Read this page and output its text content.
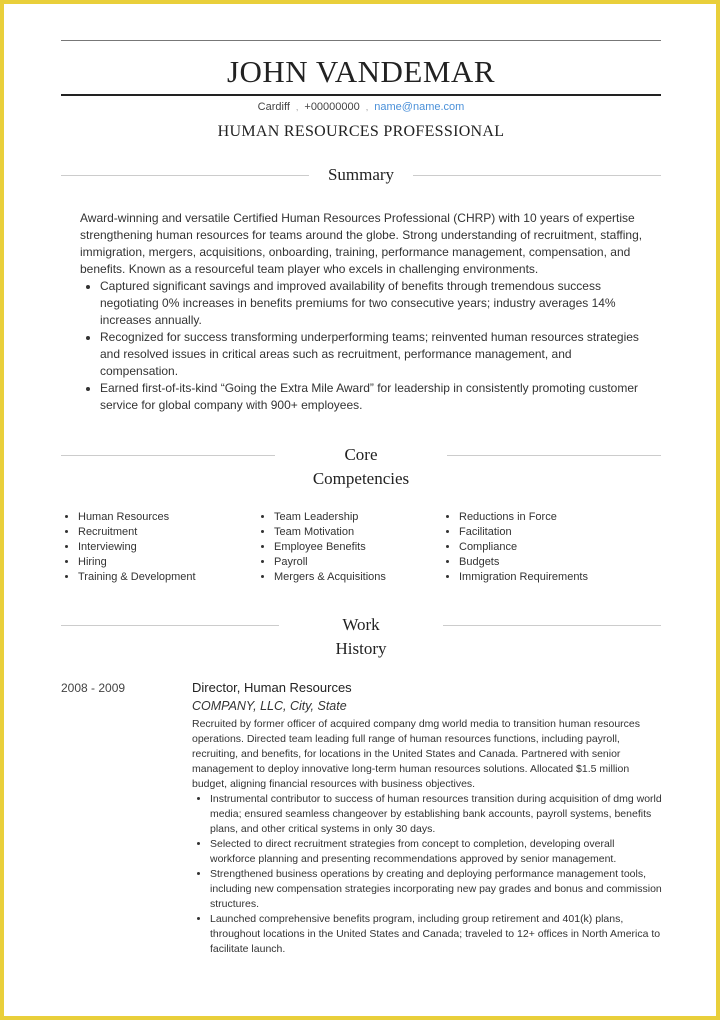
JOHN VANDEMAR
Cardiff , +00000000 , name@name.com
HUMAN RESOURCES PROFESSIONAL
Summary

Award-winning and versatile Certified Human Resources Professional (CHRP) with 10 years of expertise strengthening human resources for teams around the globe. Strong understanding of recruitment, staffing, immigration, mergers, acquisitions, onboarding, training, performance management, compensation, and benefits. Known as a resourceful team player who excels in challenging environments.

• Captured significant savings and improved availability of benefits through tremendous success negotiating 0% increases in benefits premiums for two consecutive years; industry averages 14% increases annually.
• Recognized for success transforming underperforming teams; reinvented human resources strategies and resolved issues in critical areas such as recruitment, performance management, and compensation.
• Earned first-of-its-kind “Going the Extra Mile Award” for leadership in consistently promoting customer service for global company with 900+ employees.
Core
Competencies
• Human Resources
• Recruitment
• Interviewing
• Hiring
• Training & Development
• Team Leadership
• Team Motivation
• Employee Benefits
• Payroll
• Mergers & Acquisitions
• Reductions in Force
• Facilitation
• Compliance
• Budgets
• Immigration Requirements
Work
History
2008 - 2009	Director, Human Resources
COMPANY, LLC, City, State

Recruited by former officer of acquired company dmg world media to transition human resources operations. Directed team leading full range of human resources functions, including payroll, recruiting, and benefits, for locations in the United States and Canada. Partnered with senior management to deploy innovative long-term human resources solutions. Allocated $1.5 million budget, aligning financial resources with business objectives.

• Instrumental contributor to success of human resources transition during acquisition of dmg world media; ensured seamless changeover by establishing bank accounts, payroll systems, benefits plans, and other critical systems in only 30 days.
• Selected to direct recruitment strategies from concept to completion, developing overall workforce planning and presenting recommendations approved by senior management.
• Strengthened business operations by creating and deploying performance management tools, including new compensation strategies incorporating new pay grades and bonus and commission structures.
• Launched comprehensive benefits program, including group retirement and 401(k) plans, throughout locations in the United States and Canada; traveled to 12+ offices in North America to facilitate launch.
